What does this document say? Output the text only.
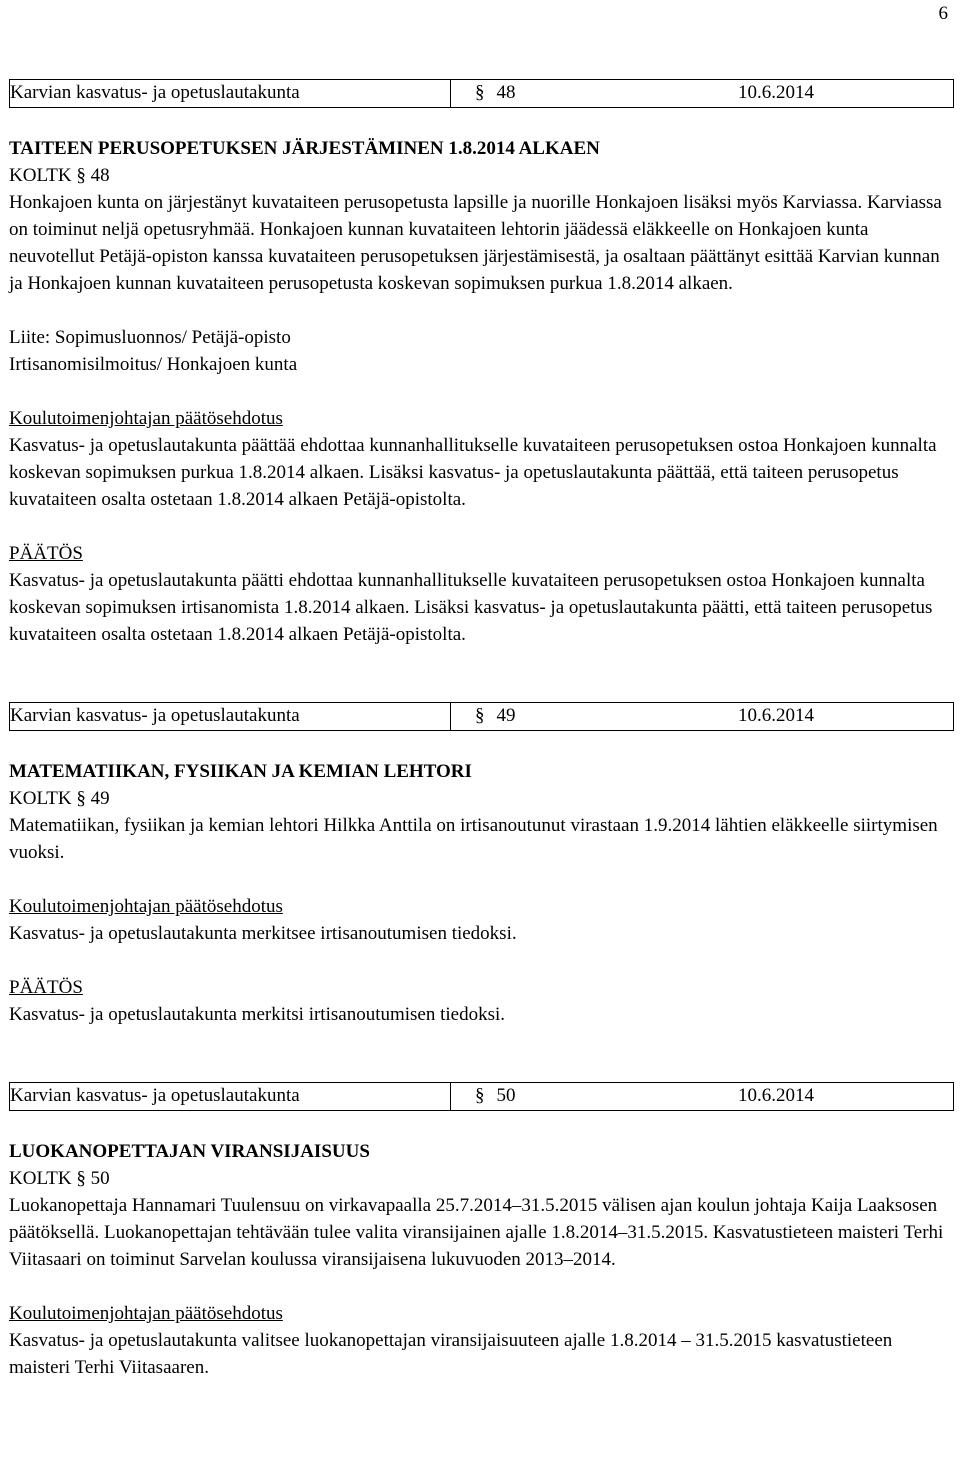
6
Karvian kasvatus- ja opetuslautakunta	§ 48	10.6.2014
TAITEEN PERUSOPETUKSEN JÄRJESTÄMINEN 1.8.2014 ALKAEN
KOLTK § 48
Honkajoen kunta on järjestänyt kuvataiteen perusopetusta lapsille ja nuorille Honkajoen lisäksi myös Karviassa. Karviassa on toiminut neljä opetusryhmää. Honkajoen kunnan kuvataiteen lehtorin jäädessä eläkkeelle on Honkajoen kunta neuvotellut Petäjä-opiston kanssa kuvataiteen perusopetuksen järjestämisestä, ja osaltaan päättänyt esittää Karvian kunnan ja Honkajoen kunnan kuvataiteen perusopetusta koskevan sopimuksen purkua 1.8.2014 alkaen.
Liite: Sopimusluonnos/ Petäjä-opisto
Irtisanomisilmoitus/ Honkajoen kunta
Koulutoimenjohtajan päätösehdotus
Kasvatus- ja opetuslautakunta päättää ehdottaa kunnanhallitukselle kuvataiteen perusopetuksen ostoa Honkajoen kunnalta koskevan sopimuksen purkua 1.8.2014 alkaen. Lisäksi kasvatus- ja opetuslautakunta päättää, että taiteen perusopetus kuvataiteen osalta ostetaan 1.8.2014 alkaen Petäjä-opistolta.
PÄÄTÖS
Kasvatus- ja opetuslautakunta päätti ehdottaa kunnanhallitukselle kuvataiteen perusopetuksen ostoa Honkajoen kunnalta koskevan sopimuksen irtisanomista 1.8.2014 alkaen. Lisäksi kasvatus- ja opetuslautakunta päätti, että taiteen perusopetus kuvataiteen osalta ostetaan 1.8.2014 alkaen Petäjä-opistolta.
Karvian kasvatus- ja opetuslautakunta	§ 49	10.6.2014
MATEMATIIKAN, FYSIIKAN JA KEMIAN LEHTORI
KOLTK § 49
Matematiikan, fysiikan ja kemian lehtori Hilkka Anttila on irtisanoutunut virastaan 1.9.2014 lähtien eläkkeelle siirtymisen vuoksi.
Koulutoimenjohtajan päätösehdotus
Kasvatus- ja opetuslautakunta merkitsee irtisanoutumisen tiedoksi.
PÄÄTÖS
Kasvatus- ja opetuslautakunta merkitsi irtisanoutumisen tiedoksi.
Karvian kasvatus- ja opetuslautakunta	§ 50	10.6.2014
LUOKANOPETTAJAN VIRANSIJAISUUS
KOLTK § 50
Luokanopettaja Hannamari Tuulensuu on virkavapaalla 25.7.2014–31.5.2015 välisen ajan koulun johtaja Kaija Laaksosen päätöksellä. Luokanopettajan tehtävään tulee valita viransijainen ajalle 1.8.2014–31.5.2015. Kasvatustieteen maisteri Terhi Viitasaari on toiminut Sarvelan koulussa viransijaisena lukuvuoden 2013–2014.
Koulutoimenjohtajan päätösehdotus
Kasvatus- ja opetuslautakunta valitsee luokanopettajan viransijaisuuteen ajalle 1.8.2014 – 31.5.2015 kasvatustieteen maisteri Terhi Viitasaaren.
